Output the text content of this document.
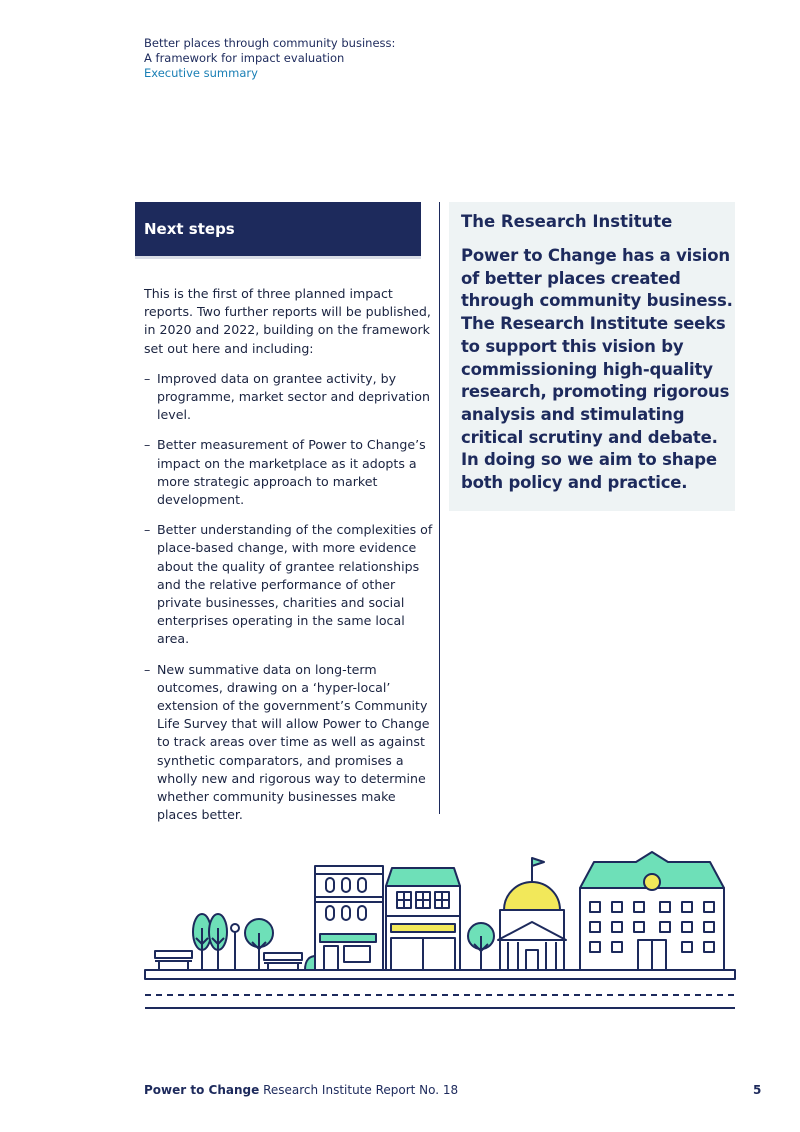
Better places through community business:
A framework for impact evaluation
Executive summary
Next steps

This is the first of three planned impact reports. Two further reports will be published, in 2020 and 2022, building on the framework set out here and including:

– Improved data on grantee activity, by programme, market sector and deprivation level.
– Better measurement of Power to Change’s impact on the marketplace as it adopts a more strategic approach to market development.
– Better understanding of the complexities of place-based change, with more evidence about the quality of grantee relationships and the relative performance of other private businesses, charities and social enterprises operating in the same local area.
– New summative data on long-term outcomes, drawing on a ‘hyper-local’ extension of the government’s Community Life Survey that will allow Power to Change to track areas over time as well as against synthetic comparators, and promises a wholly new and rigorous way to determine whether community businesses make places better.
The Research Institute
Power to Change has a vision of better places created through community business. The Research Institute seeks to support this vision by commissioning high-quality research, promoting rigorous analysis and stimulating critical scrutiny and debate. In doing so we aim to shape both policy and practice.
Power to Change Research Institute Report No. 18	5
